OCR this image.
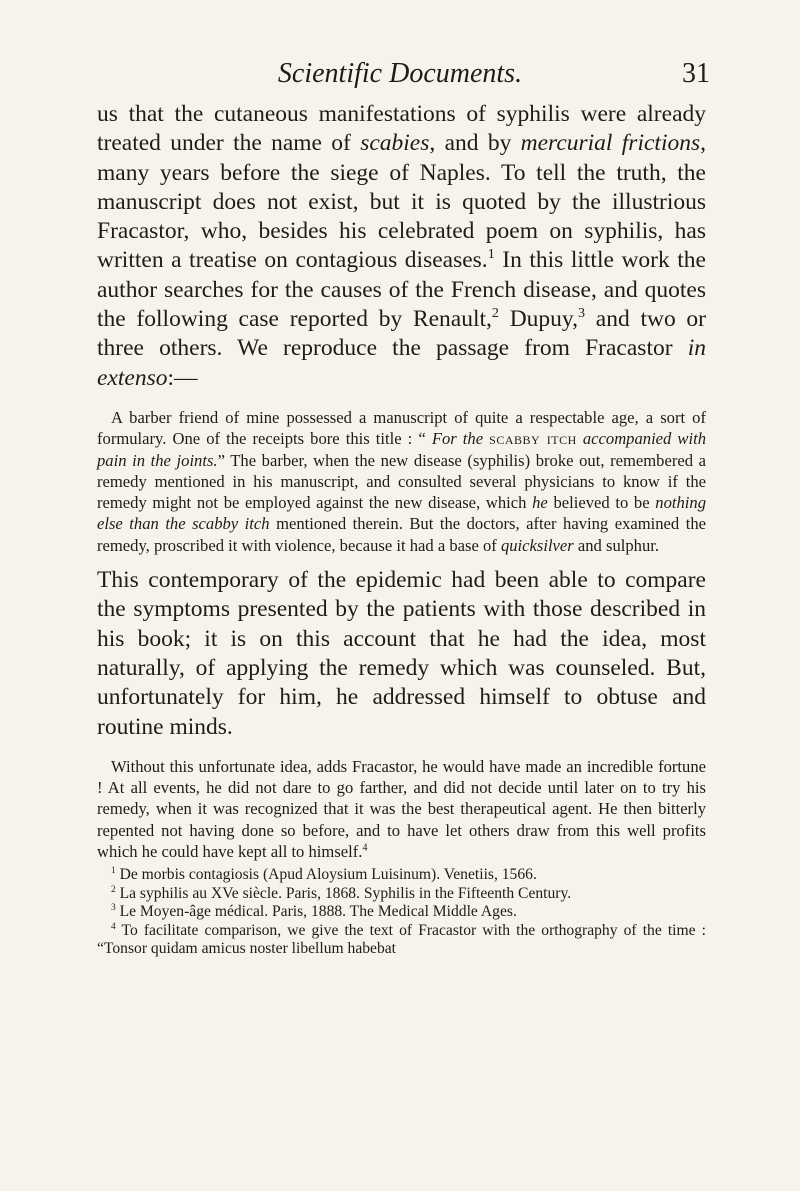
Scientific Documents.	31

us that the cutaneous manifestations of syphilis were already treated under the name of scabies, and by mercurial frictions, many years before the siege of Naples. To tell the truth, the manuscript does not exist, but it is quoted by the illustrious Fracastor, who, besides his celebrated poem on syphilis, has written a treatise on contagious diseases.$^1$ In this little work the author searches for the causes of the French disease, and quotes the following case reported by Renault,$^2$ Dupuy,$^3$ and two or three others. We reproduce the passage from Fracastor in extenso:—

A barber friend of mine possessed a manuscript of quite a respectable age, a sort of formulary. One of the receipts bore this title : “ For the scabby itch accompanied with pain in the joints.” The barber, when the new disease (syphilis) broke out, remembered a remedy mentioned in his manuscript, and consulted several physicians to know if the remedy might not be employed against the new disease, which he believed to be nothing else than the scabby itch mentioned therein. But the doctors, after having examined the remedy, proscribed it with violence, because it had a base of quicksilver and sulphur.

This contemporary of the epidemic had been able to compare the symptoms presented by the patients with those described in his book; it is on this account that he had the idea, most naturally, of applying the remedy which was counseled. But, unfortunately for him, he addressed himself to obtuse and routine minds.

Without this unfortunate idea, adds Fracastor, he would have made an incredible fortune ! At all events, he did not dare to go farther, and did not decide until later on to try his remedy, when it was recognized that it was the best therapeutical agent. He then bitterly repented not having done so before, and to have let others draw from this well profits which he could have kept all to himself.$^4$

$^1$ De morbis contagiosis (Apud Aloysium Luisinum). Venetiis, 1566.

$^2$ La syphilis au XVe siècle. Paris, 1868. Syphilis in the Fifteenth Century.

$^3$ Le Moyen-âge médical. Paris, 1888. The Medical Middle Ages.

$^4$ To facilitate comparison, we give the text of Fracastor with the orthography of the time : “Tonsor quidam amicus noster libellum habebat
